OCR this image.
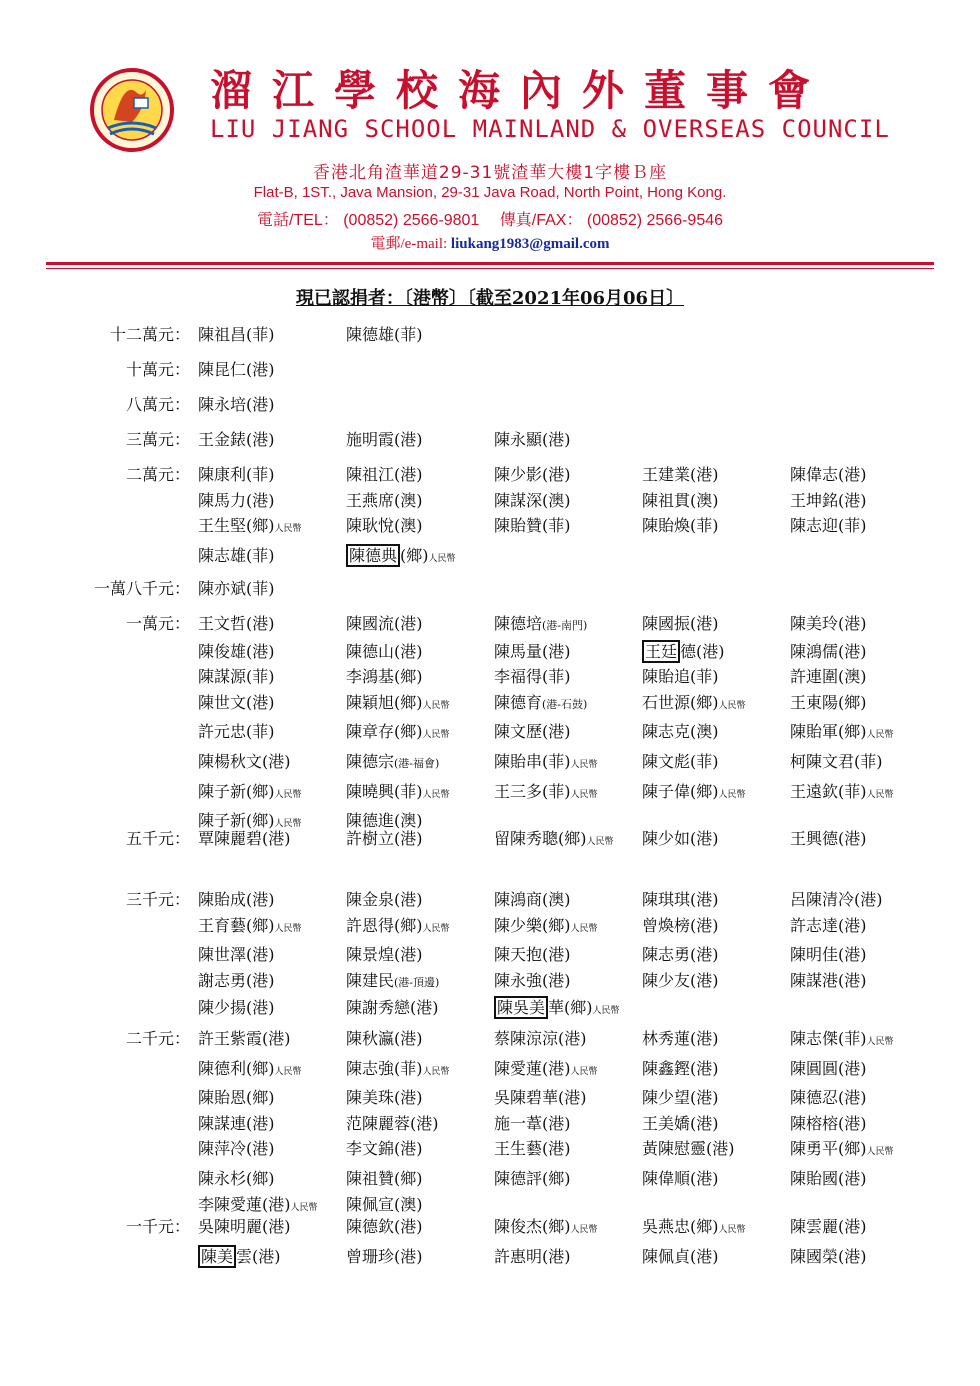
溜江學校海內外董事會
LIU JIANG SCHOOL MAINLAND & OVERSEAS COUNCIL
香港北角渣華道29-31號渣華大樓1字樓Ｂ座
Flat-B, 1ST., Java Mansion, 29-31 Java Road, North Point, Hong Kong.
電話/TEL： (00852) 2566-9801　 傳真/FAX： (00852) 2566-9546
電郵/e-mail: liukang1983@gmail.com
現已認捐者：〔港幣〕〔截至2021年06月06日〕
十二萬元： 陳祖昌(菲)	陳德雄(菲)
十萬元： 陳昆仁(港)
八萬元： 陳永培(港)
三萬元： 王金錶(港)	施明霞(港)	陳永顯(港)
二萬元： 陳康利(菲)	陳祖江(港)	陳少影(港)	王建業(港)	陳偉志(港)
陳馬力(港)	王燕席(澳)	陳謀深(澳)	陳祖貫(澳)	王坤銘(港)
王生堅(鄉)人民幣	陳耿悅(澳)	陳貽贊(菲)	陳貽煥(菲)	陳志迎(菲)
陳志雄(菲)	陳德典 (鄉)人民幣
一萬八千元： 陳亦斌(菲)
一萬元： 王文哲(港)	陳國流(港)	陳德培(港-南門)	陳國振(港)	陳美玲(港)
陳俊雄(港)	陳德山(港)	陳馬量(港)	王廷 德(港)	陳鴻儒(港)
陳謀源(菲)	李鴻基(鄉)	李福得(菲)	陳貽追(菲)	許連圍(澳)
陳世文(港)	陳穎旭(鄉)人民幣	陳德育(港-石鼓)	石世源(鄉)人民幣	王東陽(鄉)
許元忠(菲)	陳章存(鄉)人民幣	陳文歷(港)	陳志克(澳)	陳貽軍(鄉)人民幣
陳楊秋文(港)	陳德宗(港-福會)	陳貽串(菲)人民幣	陳文彪(菲)	柯陳文君(菲)
陳子新(鄉)人民幣	陳曉興(菲)人民幣	王三多(菲)人民幣	陳子偉(鄉)人民幣	王遠欽(菲)人民幣
陳子新(鄉)人民幣	陳德進(澳)
五千元： 覃陳麗碧(港)	許樹立(港)	留陳秀聰(鄉)人民幣	陳少如(港)	王興德(港)
三千元： 陳貽成(港)	陳金泉(港)	陳鴻商(澳)	陳琪琪(港)	呂陳清冷(港)
王育藝(鄉)人民幣	許恩得(鄉)人民幣	陳少樂(鄉)人民幣	曾煥榜(港)	許志達(港)
陳世澤(港)	陳景煌(港)	陳天抱(港)	陳志勇(港)	陳明佳(港)
謝志勇(港)	陳建民(港-頂邊)	陳永強(港)	陳少友(港)	陳謀港(港)
陳少揚(港)	陳謝秀戀(港)	陳吳美 華(鄉)人民幣
二千元： 許王紫霞(港)	陳秋瀛(港)	蔡陳涼涼(港)	林秀蓮(港)	陳志傑(菲)人民幣
陳德利(鄉)人民幣	陳志強(菲)人民幣	陳愛蓮(港)人民幣	陳鑫鏗(港)	陳圓圓(港)
陳貽恩(鄉)	陳美珠(港)	吳陳碧華(港)	陳少望(港)	陳德忍(港)
陳謀連(港)	范陳麗蓉(港)	施一葦(港)	王美嬌(港)	陳榕榕(港)
陳萍冷(港)	李文錦(港)	王生藝(港)	黃陳慰靈(港)	陳勇平(鄉)人民幣
陳永杉(鄉)	陳祖贊(鄉)	陳德評(鄉)	陳偉順(港)	陳貽國(港)
李陳愛蓮(港)人民幣	陳佩宣(澳)
一千元： 吳陳明麗(港)	陳德欽(港)	陳俊杰(鄉)人民幣	吳燕忠(鄉)人民幣	陳雲麗(港)
陳美 雲(港)	曾珊珍(港)	許惠明(港)	陳佩貞(港)	陳國榮(港)
